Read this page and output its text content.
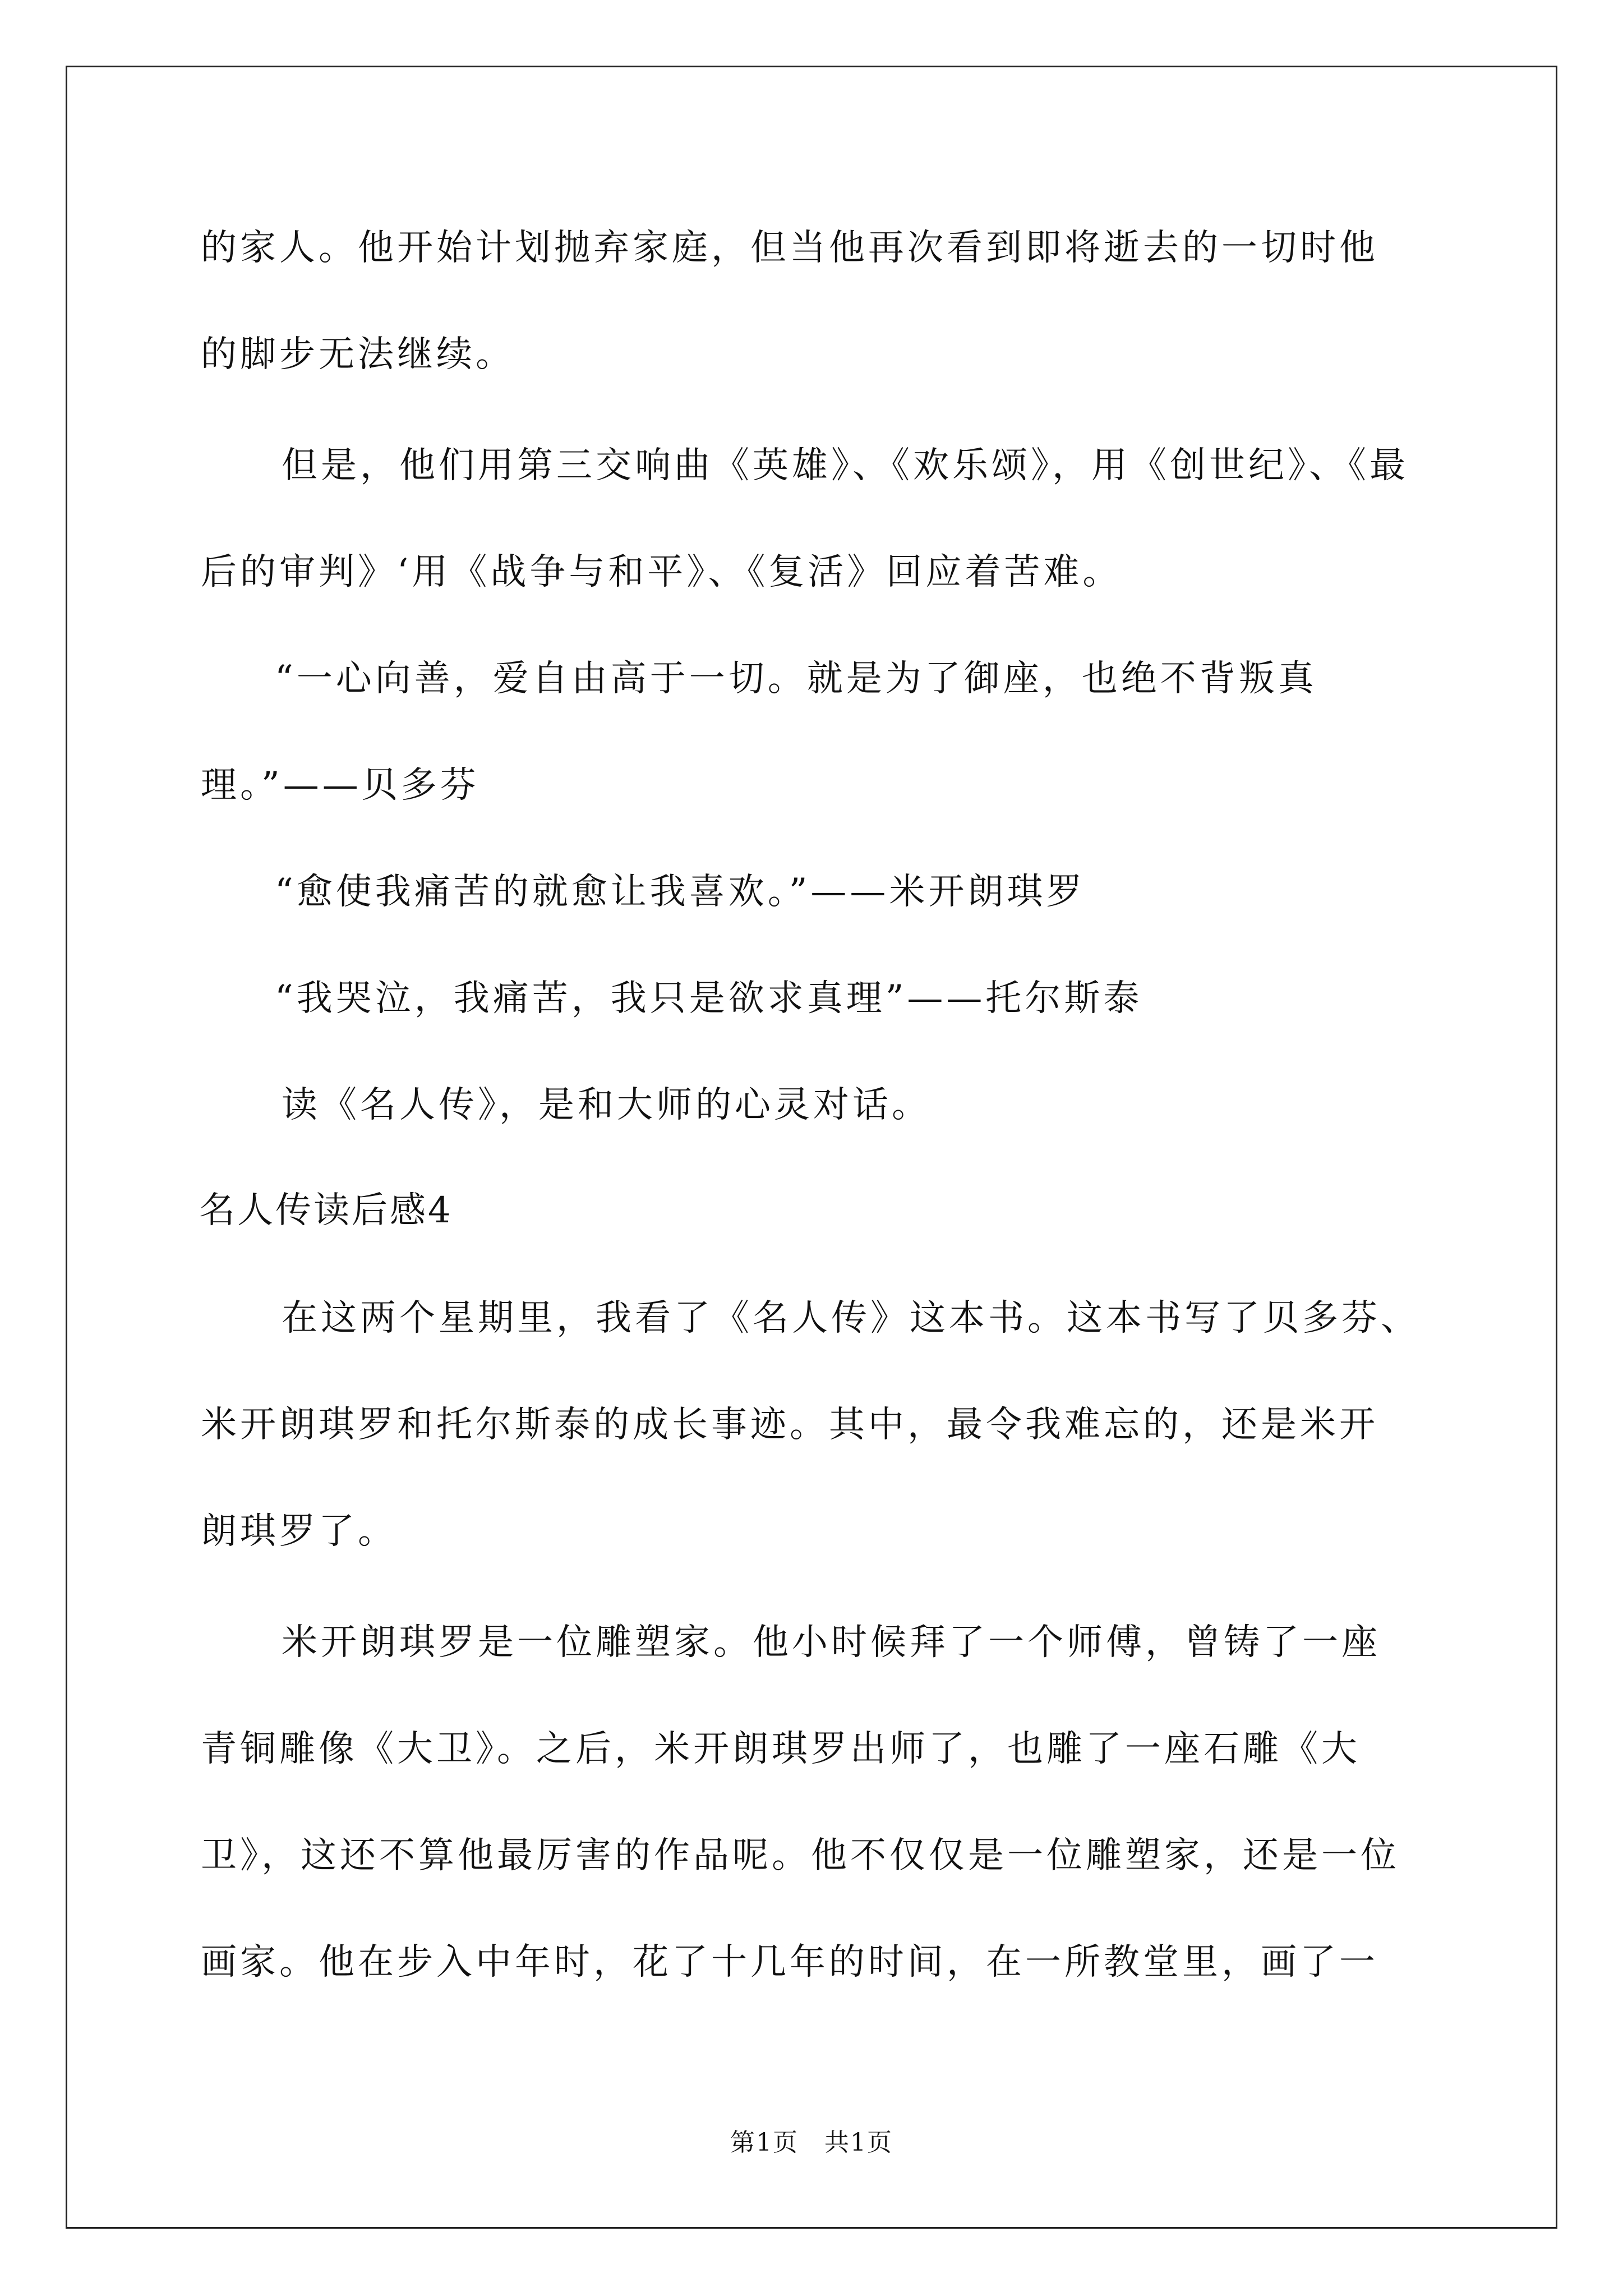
的家人。他开始计划抛弃家庭，但当他再次看到即将逝去的一切时他
的脚步无法继续。
但是，他们用第三交响曲《英雄》、《欢乐颂》，用《创世纪》、《最
后的审判》‘用《战争与和平》、《复活》回应着苦难。
“一心向善，爱自由高于一切。就是为了御座，也绝不背叛真
理。”——贝多芬
“愈使我痛苦的就愈让我喜欢。”——米开朗琪罗
“我哭泣，我痛苦，我只是欲求真理”——托尔斯泰
读《名人传》，是和大师的心灵对话。
名人传读后感4
在这两个星期里，我看了《名人传》这本书。这本书写了贝多芬、
米开朗琪罗和托尔斯泰的成长事迹。其中，最令我难忘的，还是米开
朗琪罗了。
米开朗琪罗是一位雕塑家。他小时候拜了一个师傅，曾铸了一座
青铜雕像《大卫》。之后，米开朗琪罗出师了，也雕了一座石雕《大
卫》，这还不算他最厉害的作品呢。他不仅仅是一位雕塑家，还是一位
画家。他在步入中年时，花了十几年的时间，在一所教堂里，画了一
第1页　共1页
